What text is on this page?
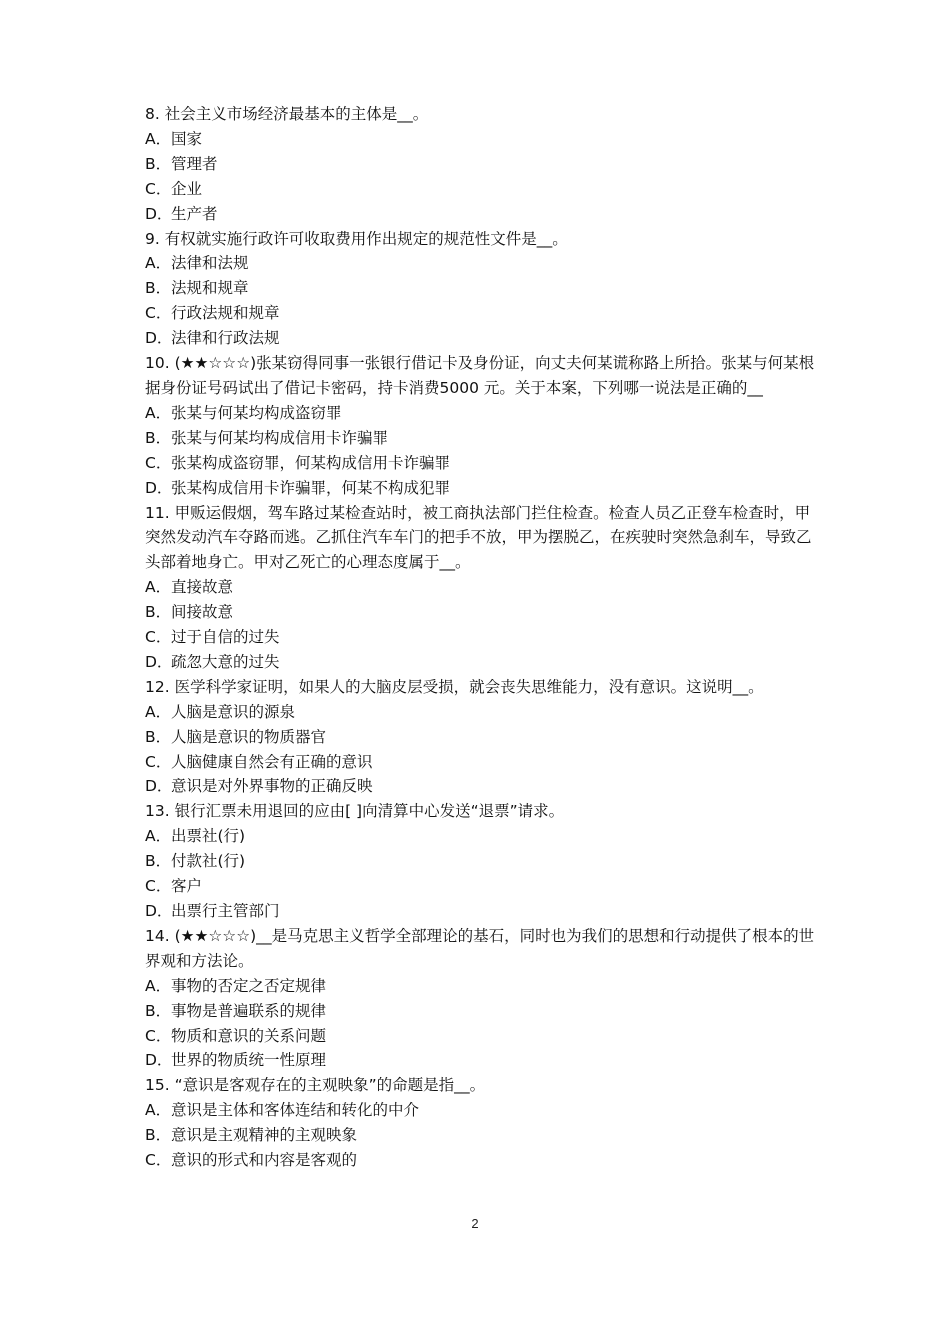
8. 社会主义市场经济最基本的主体是__。
A． 国家
B． 管理者
C． 企业
D．
生产者
9. 有权就实施行政许可收取费用作出规定的规范性文件是__。
A． 法律和法规
B． 法规和规章
C． 行政法规和规章
D．
法律和行政法规
10. (★★☆☆☆)张某窃得同事一张银行借记卡及身份证，向丈夫何某谎称路上所拾。张某与何某根据身份证号码试出了借记卡密码，持卡消费5000 元。关于本案，下列哪一说法是正确的__
A． 张某与何某均构成盗窃罪
B． 张某与何某均构成信用卡诈骗罪
C． 张某构成盗窃罪，何某构成信用卡诈骗罪
D．
张某构成信用卡诈骗罪，何某不构成犯罪
11. 甲贩运假烟，驾车路过某检查站时，被工商执法部门拦住检查。检查人员乙正登车检查时，甲突然发动汽车夺路而逃。乙抓住汽车车门的把手不放，甲为摆脱乙，在疾驶时突然急刹车，导致乙头部着地身亡。甲对乙死亡的心理态度属于__。
A． 直接故意
B． 间接故意
C． 过于自信的过失
D．
疏忽大意的过失
12. 医学科学家证明，如果人的大脑皮层受损，就会丧失思维能力，没有意识。这说明__。
A． 人脑是意识的源泉
B． 人脑是意识的物质器官
C． 人脑健康自然会有正确的意识
D．
意识是对外界事物的正确反映
13. 银行汇票未用退回的应由[ ]向清算中心发送“退票”请求。
A． 出票社(行)
B． 付款社(行)
C． 客户
D．
出票行主管部门
14. (★★☆☆☆)__是马克思主义哲学全部理论的基石，同时也为我们的思想和行动提供了根本的世界观和方法论。
A． 事物的否定之否定规律
B． 事物是普遍联系的规律
C． 物质和意识的关系问题
D．
世界的物质统一性原理
15. “意识是客观存在的主观映象”的命题是指__。
A． 意识是主体和客体连结和转化的中介
B． 意识是主观精神的主观映象
C． 意识的形式和内容是客观的
2
